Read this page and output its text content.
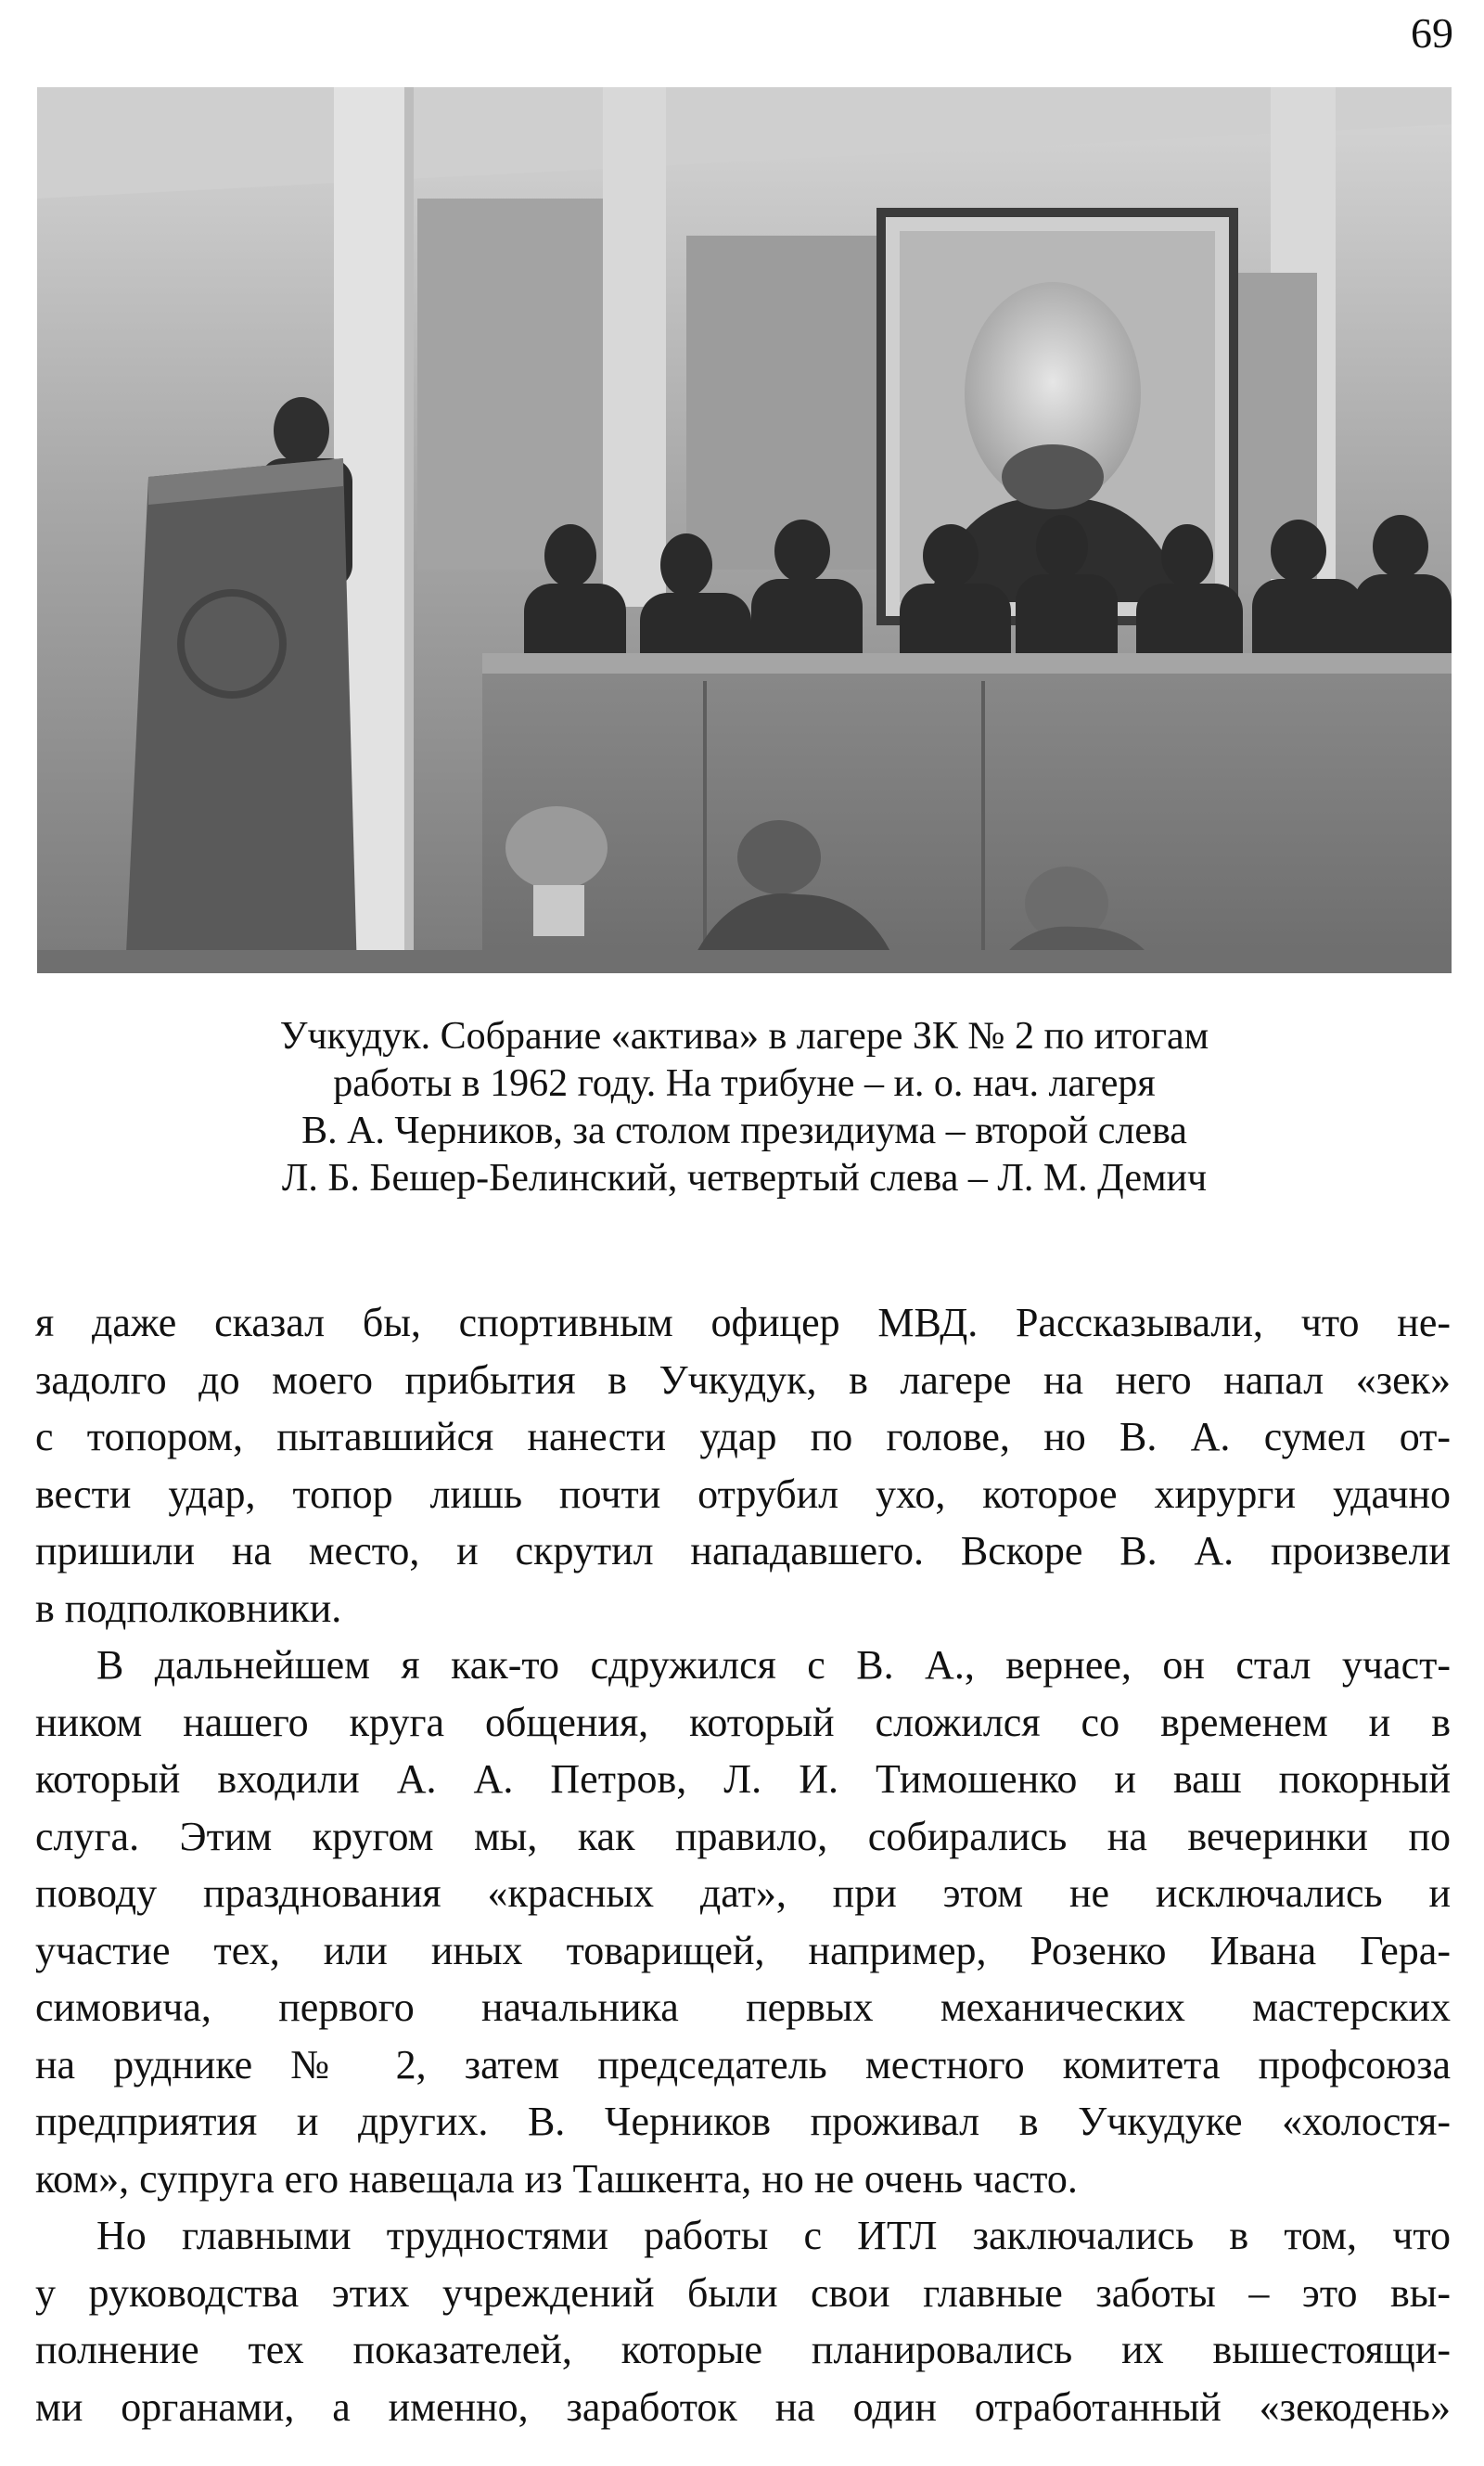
69
Учкудук. Собрание «актива» в лагере ЗК № 2 по итогам
работы в 1962 году. На трибуне – и. о. нач. лагеря
В. А. Черников, за столом президиума – второй слева
Л. Б. Бешер-Белинский, четвертый слева – Л. М. Демич
я даже сказал бы, спортивным офицер МВД. Рассказывали, что не-
задолго до моего прибытия в Учкудук, в лагере на него напал «зек»
с топором, пытавшийся нанести удар по голове, но В. А. сумел от-
вести удар, топор лишь почти отрубил ухо, которое хирурги удачно
пришили на место, и скрутил нападавшего. Вскоре В. А. произвели
в подполковники.
В дальнейшем я как-то сдружился с В. А., вернее, он стал участ-
ником нашего круга общения, который сложился со временем и в
который входили А. А. Петров, Л. И. Тимошенко и ваш покорный
слуга. Этим кругом мы, как правило, собирались на вечеринки по
поводу празднования «красных дат», при этом не исключались и
участие тех, или иных товарищей, например, Розенко Ивана Гера-
симовича, первого начальника первых механических мастерских
на руднике № 2, затем председатель местного комитета профсоюза
предприятия и других. В. Черников проживал в Учкудуке «холостя-
ком», супруга его навещала из Ташкента, но не очень часто.
Но главными трудностями работы с ИТЛ заключались в том, что
у руководства этих учреждений были свои главные заботы – это вы-
полнение тех показателей, которые планировались их вышестоящи-
ми органами, а именно, заработок на один отработанный «зекодень»
